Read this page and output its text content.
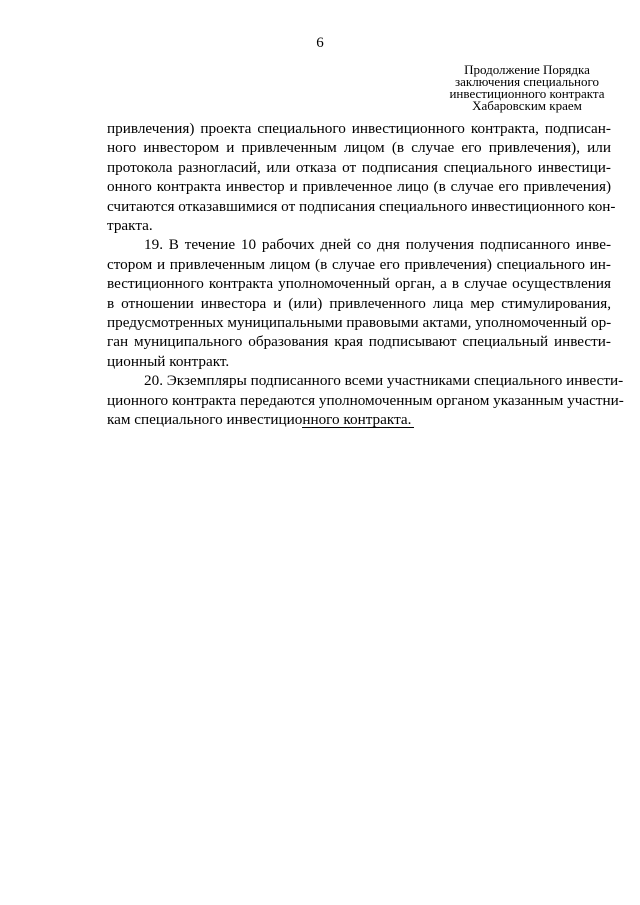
6
Продолжение Порядка
заключения специального
инвестиционного контракта
Хабаровским краем
привлечения) проекта специального инвестиционного контракта, подписан-
ного инвестором и привлеченным лицом (в случае его привлечения), или
протокола разногласий, или отказа от подписания специального инвестици-
онного контракта инвестор и привлеченное лицо (в случае его привлечения)
считаются отказавшимися от подписания специального инвестиционного кон-
тракта.
19. В течение 10 рабочих дней со дня получения подписанного инве-
стором и привлеченным лицом (в случае его привлечения) специального ин-
вестиционного контракта уполномоченный орган, а в случае осуществления
в отношении инвестора и (или) привлеченного лица мер стимулирования,
предусмотренных муниципальными правовыми актами, уполномоченный ор-
ган муниципального образования края подписывают специальный инвести-
ционный контракт.
20. Экземпляры подписанного всеми участниками специального инвести-
ционного контракта передаются уполномоченным органом указанным участни-
кам специального инвестиционного контракта.
